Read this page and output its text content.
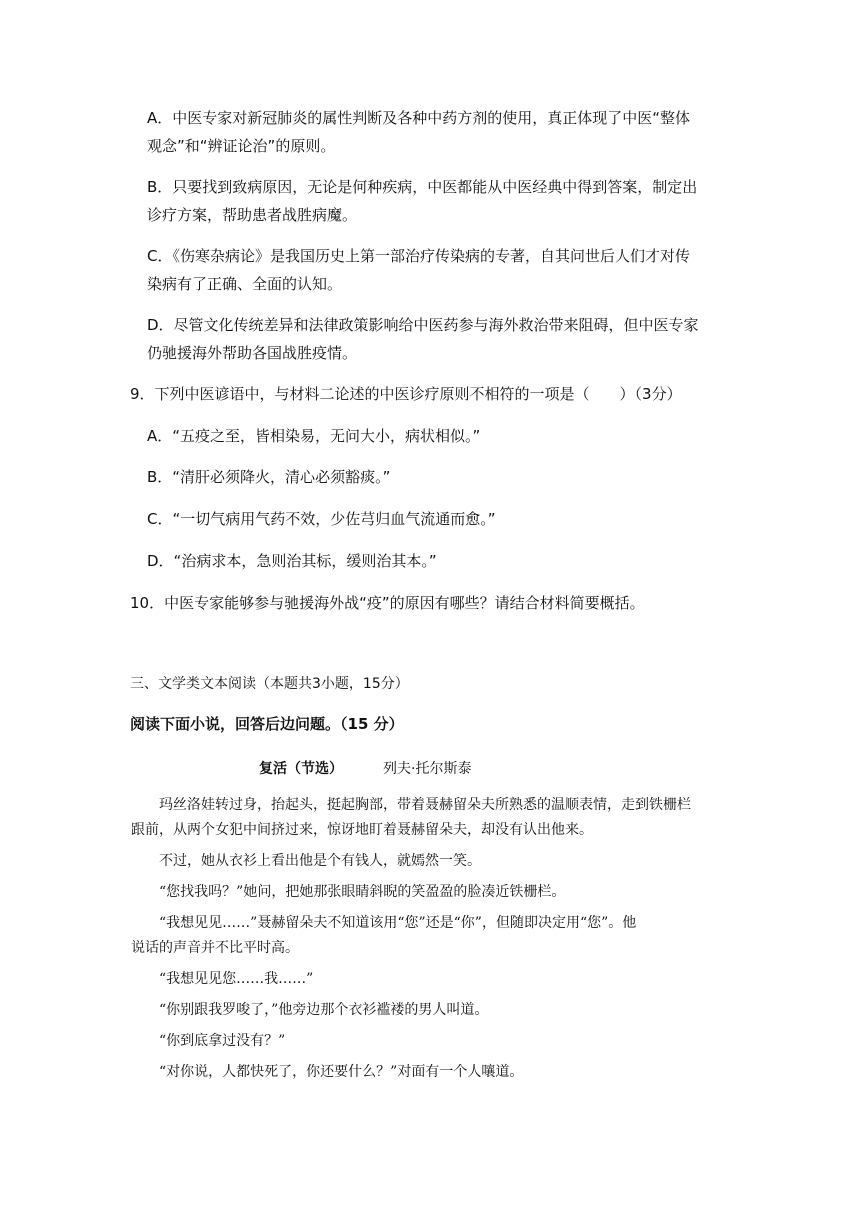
A．中医专家对新冠肺炎的属性判断及各种中药方剂的使用，真正体现了中医“整体
观念”和“辨证论治”的原则。
B．只要找到致病原因，无论是何种疾病，中医都能从中医经典中得到答案，制定出
诊疗方案，帮助患者战胜病魔。
C．《伤寒杂病论》是我国历史上第一部治疗传染病的专著，自其问世后人们才对传
染病有了正确、全面的认知。
D．尽管文化传统差异和法律政策影响给中医药参与海外救治带来阻碍，但中医专家
仍驰援海外帮助各国战胜疫情。
9．下列中医谚语中，与材料二论述的中医诊疗原则不相符的一项是（　　）（3分）
A．“五疫之至，皆相染易，无问大小，病状相似。”
B．“清肝必须降火，清心必须豁痰。”
C．“一切气病用气药不效，少佐芎归血气流通而愈。”
D．“治病求本，急则治其标，缓则治其本。”
10．中医专家能够参与驰援海外战“疫”的原因有哪些？请结合材料简要概括。
三、文学类文本阅读（本题共3小题，15分）
阅读下面小说，回答后边问题。（15 分）
复活（节选）	列夫·托尔斯泰
玛丝洛娃转过身，抬起头，挺起胸部，带着聂赫留朵夫所熟悉的温顺表情，走到铁栅栏
跟前，从两个女犯中间挤过来，惊讶地盯着聂赫留朵夫，却没有认出他来。
不过，她从衣衫上看出他是个有钱人，就嫣然一笑。
“您找我吗？”她问，把她那张眼睛斜睨的笑盈盈的脸凑近铁栅栏。
“我想见见……”聂赫留朵夫不知道该用“您”还是“你”，但随即决定用“您”。他
说话的声音并不比平时高。
“我想见见您……我……”
“你别跟我罗唆了，”他旁边那个衣衫褴褛的男人叫道。
“你到底拿过没有？”
“对你说，人都快死了，你还要什么？”对面有一个人嚷道。
